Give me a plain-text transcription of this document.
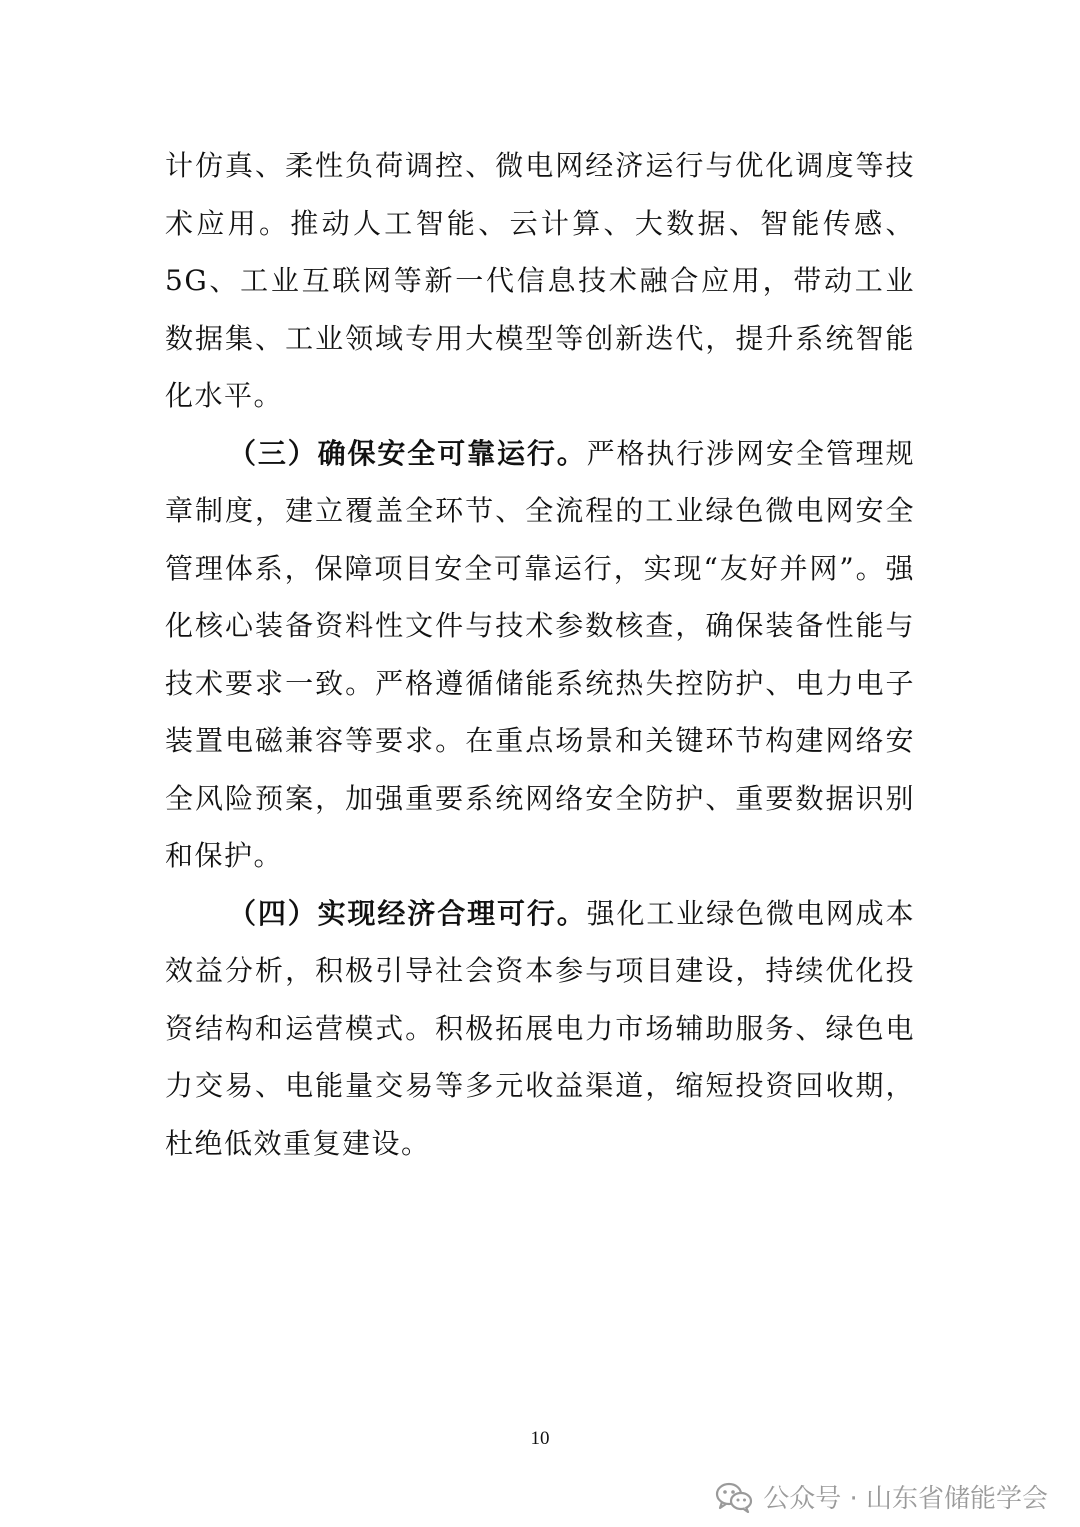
计仿真、柔性负荷调控、微电网经济运行与优化调度等技术应用。推动人工智能、云计算、大数据、智能传感、5G、工业互联网等新一代信息技术融合应用，带动工业数据集、工业领域专用大模型等创新迭代，提升系统智能化水平。

（三）确保安全可靠运行。严格执行涉网安全管理规章制度，建立覆盖全环节、全流程的工业绿色微电网安全管理体系，保障项目安全可靠运行，实现“友好并网”。强化核心装备资料性文件与技术参数核查，确保装备性能与技术要求一致。严格遵循储能系统热失控防护、电力电子装置电磁兼容等要求。在重点场景和关键环节构建网络安全风险预案，加强重要系统网络安全防护、重要数据识别和保护。

（四）实现经济合理可行。强化工业绿色微电网成本效益分析，积极引导社会资本参与项目建设，持续优化投资结构和运营模式。积极拓展电力市场辅助服务、绿色电力交易、电能量交易等多元收益渠道，缩短投资回收期，杜绝低效重复建设。

10
公众号 · 山东省储能学会
